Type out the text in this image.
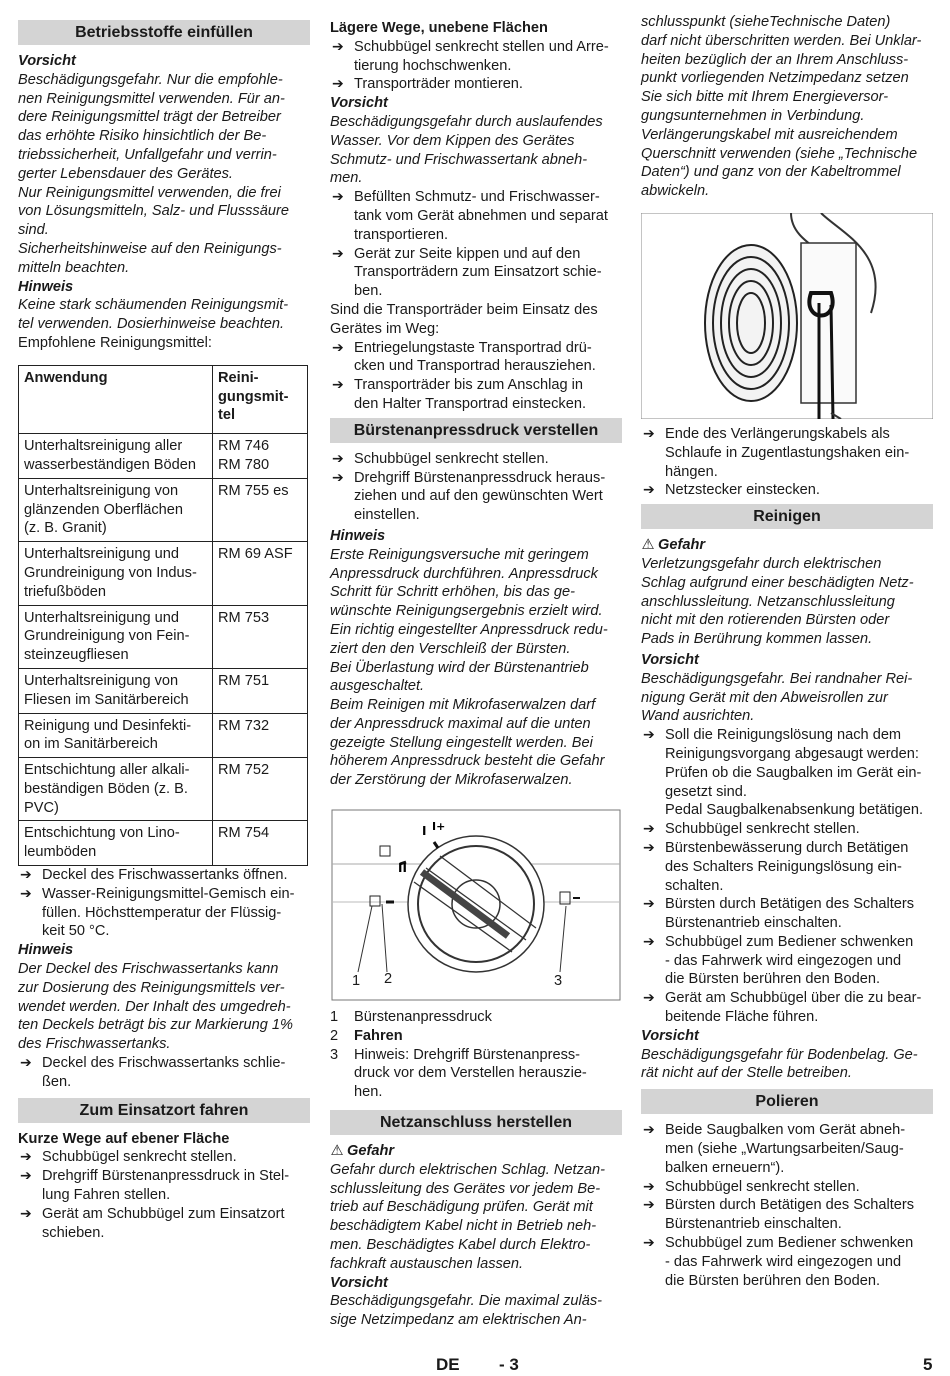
Betriebsstoffe einfüllen
Vorsicht
Beschädigungsgefahr. Nur die empfohle-
nen Reinigungsmittel verwenden. Für an-
dere Reinigungsmittel trägt der Betreiber
das erhöhte Risiko hinsichtlich der Be-
triebssicherheit, Unfallgefahr und verrin-
gerter Lebensdauer des Gerätes.
Nur Reinigungsmittel verwenden, die frei
von Lösungsmitteln, Salz- und Flusssäure
sind.
Sicherheitshinweise auf den Reinigungs-
mitteln beachten.
Hinweis
Keine stark schäumenden Reinigungsmit-
tel verwenden. Dosierhinweise beachten.
Empfohlene Reinigungsmittel:
Anwendung	Reini-
gungsmit-
tel
Unterhaltsreinigung aller
wasserbeständigen Böden	RM 746
RM 780
Unterhaltsreinigung von
glänzenden Oberflächen
(z. B. Granit)	RM 755 es
Unterhaltsreinigung und
Grundreinigung von Indus-
triefußböden	RM 69 ASF
Unterhaltsreinigung und
Grundreinigung von Fein-
steinzeugfliesen	RM 753
Unterhaltsreinigung von
Fliesen im Sanitärbereich	RM 751
Reinigung und Desinfekti-
on im Sanitärbereich	RM 732
Entschichtung aller alkali-
beständigen Böden (z. B.
PVC)	RM 752
Entschichtung von Lino-
leumböden	RM 754
➔ Deckel des Frischwassertanks öffnen.
➔ Wasser-Reinigungsmittel-Gemisch ein-
füllen. Höchsttemperatur der Flüssig-
keit 50 °C.
Hinweis
Der Deckel des Frischwassertanks kann
zur Dosierung des Reinigungsmittels ver-
wendet werden. Der Inhalt des umgedreh-
ten Deckels beträgt bis zur Markierung 1%
des Frischwassertanks.
➔ Deckel des Frischwassertanks schlie-
ßen.
Zum Einsatzort fahren
Kurze Wege auf ebener Fläche
➔ Schubbügel senkrecht stellen.
➔ Drehgriff Bürstenanpressdruck in Stel-
lung Fahren stellen.
➔ Gerät am Schubbügel zum Einsatzort
schieben.
Lägere Wege, unebene Flächen
➔ Schubbügel senkrecht stellen und Arre-
tierung hochschwenken.
➔ Transporträder montieren.
Vorsicht
Beschädigungsgefahr durch auslaufendes
Wasser. Vor dem Kippen des Gerätes
Schmutz- und Frischwassertank abneh-
men.
➔ Befüllten Schmutz- und Frischwasser-
tank vom Gerät abnehmen und separat
transportieren.
➔ Gerät zur Seite kippen und auf den
Transporträdern zum Einsatzort schie-
ben.
Sind die Transporträder beim Einsatz des
Gerätes im Weg:
➔ Entriegelungstaste Transportrad drü-
cken und Transportrad herausziehen.
➔ Transporträder bis zum Anschlag in
den Halter Transportrad einstecken.
Bürstenanpressdruck verstellen
➔ Schubbügel senkrecht stellen.
➔ Drehgriff Bürstenanpressdruck heraus-
ziehen und auf den gewünschten Wert
einstellen.
Hinweis
Erste Reinigungsversuche mit geringem
Anpressdruck durchführen. Anpressdruck
Schritt für Schritt erhöhen, bis das ge-
wünschte Reinigungsergebnis erzielt wird.
Ein richtig eingestellter Anpressdruck redu-
ziert den den Verschleiß der Bürsten.
Bei Überlastung wird der Bürstenantrieb
ausgeschaltet.
Beim Reinigen mit Mikrofaserwalzen darf
der Anpressdruck maximal auf die unten
gezeigte Stellung eingestellt werden. Bei
höherem Anpressdruck besteht die Gefahr
der Zerstörung der Mikrofaserwalzen.
I
II
I+
1 2	3
1	Bürstenanpressdruck
2	Fahren
3	Hinweis: Drehgriff Bürstenanpress-
druck vor dem Verstellen herauszie-
hen.
Netzanschluss herstellen
⚠ Gefahr
Gefahr durch elektrischen Schlag. Netzan-
schlussleitung des Gerätes vor jedem Be-
trieb auf Beschädigung prüfen. Gerät mit
beschädigtem Kabel nicht in Betrieb neh-
men. Beschädigtes Kabel durch Elektro-
fachkraft austauschen lassen.
Vorsicht
Beschädigungsgefahr. Die maximal zuläs-
sige Netzimpedanz am elektrischen An-
schlusspunkt (sieheTechnische Daten)
darf nicht überschritten werden. Bei Unklar-
heiten bezüglich der an Ihrem Anschluss-
punkt vorliegenden Netzimpedanz setzen
Sie sich bitte mit Ihrem Energieversor-
gungsunternehmen in Verbindung.
Verlängerungskabel mit ausreichendem
Querschnitt verwenden (siehe „Technische
Daten“) und ganz von der Kabeltrommel
abwickeln.
➔ Ende des Verlängerungskabels als
Schlaufe in Zugentlastungshaken ein-
hängen.
➔ Netzstecker einstecken.
Reinigen
⚠ Gefahr
Verletzungsgefahr durch elektrischen
Schlag aufgrund einer beschädigten Netz-
anschlussleitung. Netzanschlussleitung
nicht mit den rotierenden Bürsten oder
Pads in Berührung kommen lassen.
Vorsicht
Beschädigungsgefahr. Bei randnaher Rei-
nigung Gerät mit den Abweisrollen zur
Wand ausrichten.
➔ Soll die Reinigungslösung nach dem
Reinigungsvorgang abgesaugt werden:
Prüfen ob die Saugbalken im Gerät ein-
gesetzt sind.
Pedal Saugbalkenabsenkung betätigen.
➔ Schubbügel senkrecht stellen.
➔ Bürstenbewässerung durch Betätigen
des Schalters Reinigungslösung ein-
schalten.
➔ Bürsten durch Betätigen des Schalters
Bürstenantrieb einschalten.
➔ Schubbügel zum Bediener schwenken
- das Fahrwerk wird eingezogen und
die Bürsten berühren den Boden.
➔ Gerät am Schubbügel über die zu bear-
beitende Fläche führen.
Vorsicht
Beschädigungsgefahr für Bodenbelag. Ge-
rät nicht auf der Stelle betreiben.
Polieren
➔ Beide Saugbalken vom Gerät abneh-
men (siehe „Wartungsarbeiten/Saug-
balken erneuern“).
➔ Schubbügel senkrecht stellen.
➔ Bürsten durch Betätigen des Schalters
Bürstenantrieb einschalten.
➔ Schubbügel zum Bediener schwenken
- das Fahrwerk wird eingezogen und
die Bürsten berühren den Boden.
DE - 3	5
